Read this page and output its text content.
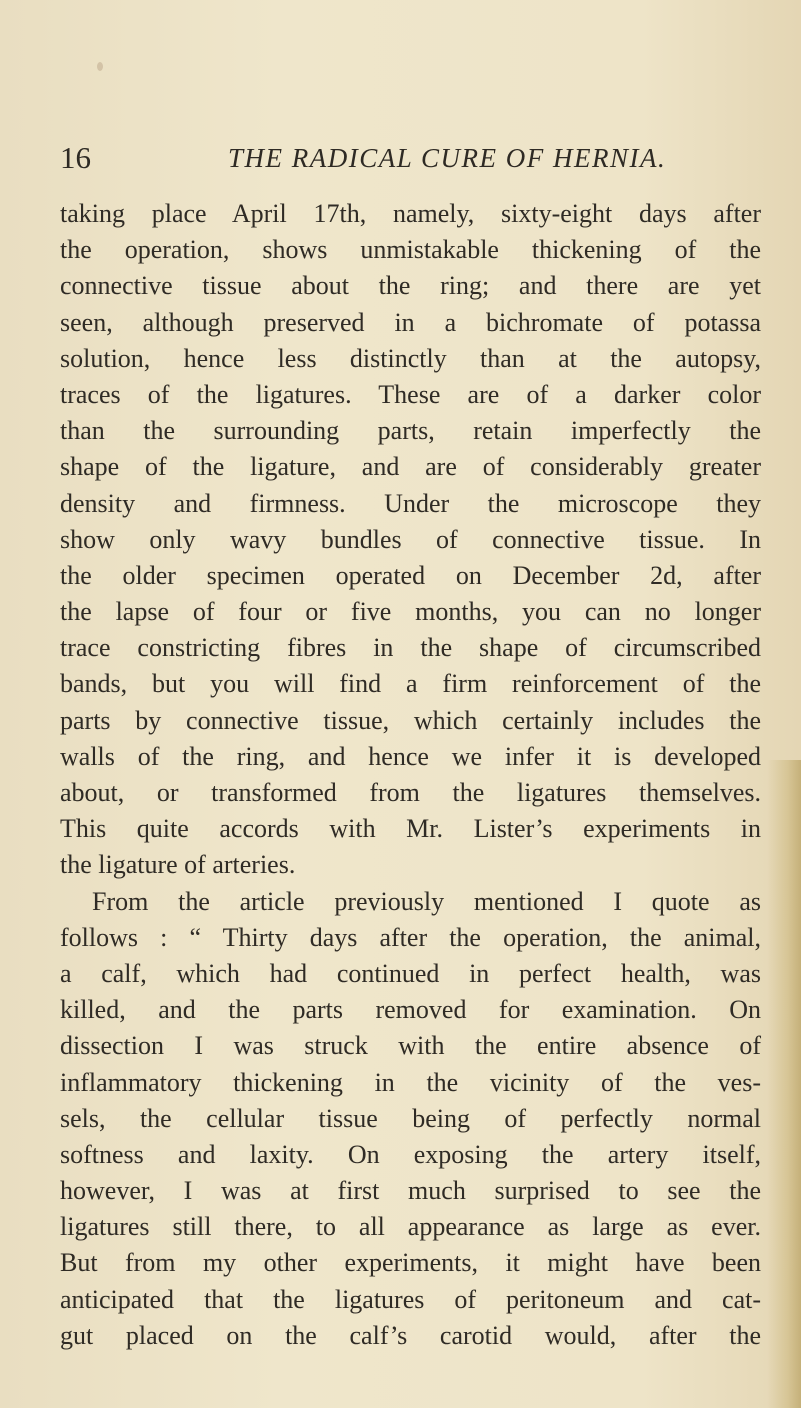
16	THE RADICAL CURE OF HERNIA.
taking place April 17th, namely, sixty-eight days after
the operation, shows unmistakable thickening of the
connective tissue about the ring; and there are yet
seen, although preserved in a bichromate of potassa
solution, hence less distinctly than at the autopsy,
traces of the ligatures. These are of a darker color
than the surrounding parts, retain imperfectly the
shape of the ligature, and are of considerably greater
density and firmness. Under the microscope they
show only wavy bundles of connective tissue. In
the older specimen operated on December 2d, after
the lapse of four or five months, you can no longer
trace constricting fibres in the shape of circumscribed
bands, but you will find a firm reinforcement of the
parts by connective tissue, which certainly includes the
walls of the ring, and hence we infer it is developed
about, or transformed from the ligatures themselves.
This quite accords with Mr. Lister’s experiments in
the ligature of arteries.
From the article previously mentioned I quote as
follows : “ Thirty days after the operation, the animal,
a calf, which had continued in perfect health, was
killed, and the parts removed for examination. On
dissection I was struck with the entire absence of
inflammatory thickening in the vicinity of the ves-
sels, the cellular tissue being of perfectly normal
softness and laxity. On exposing the artery itself,
however, I was at first much surprised to see the
ligatures still there, to all appearance as large as ever.
But from my other experiments, it might have been
anticipated that the ligatures of peritoneum and cat-
gut placed on the calf’s carotid would, after the
